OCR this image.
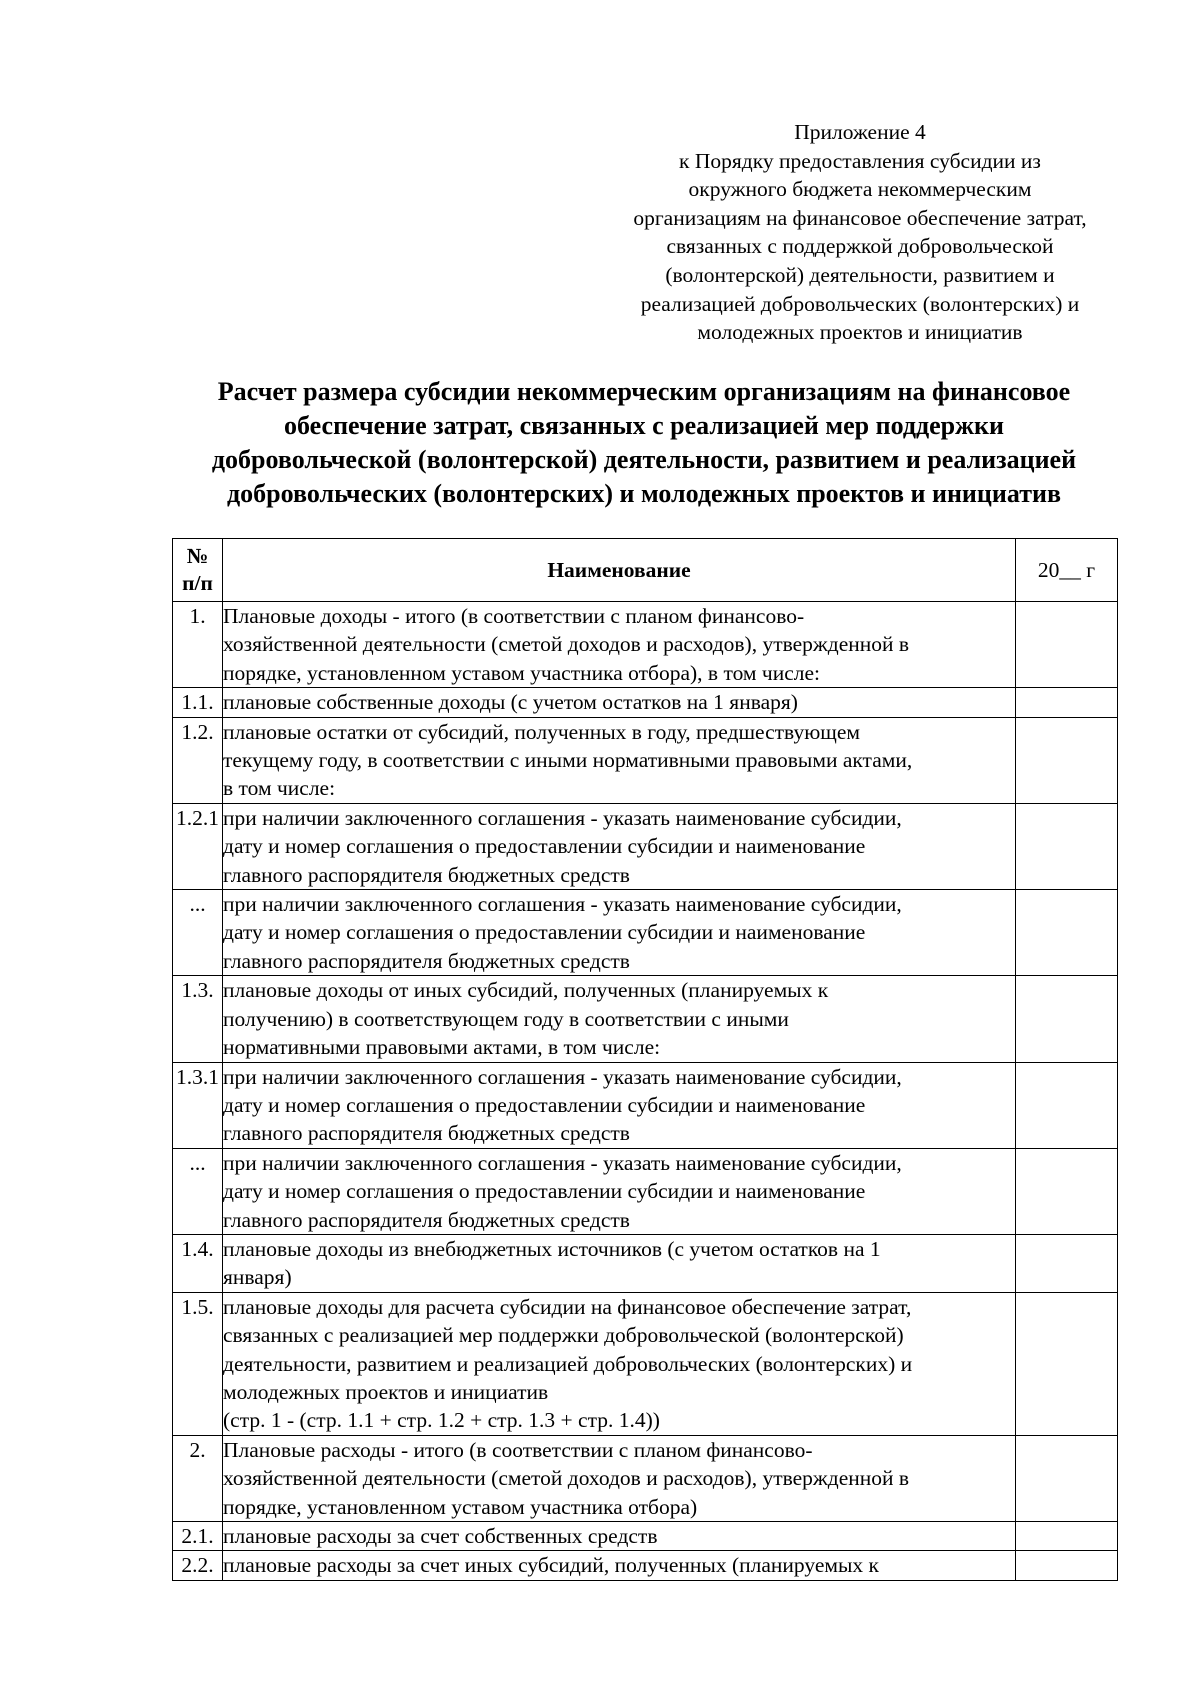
Приложение 4
к Порядку предоставления субсидии из
окружного бюджета некоммерческим
организациям на финансовое обеспечение затрат,
связанных с поддержкой добровольческой
(волонтерской) деятельности, развитием и
реализацией добровольческих (волонтерских) и
молодежных проектов и инициатив
Расчет размера субсидии некоммерческим организациям на финансовое
обеспечение затрат, связанных с реализацией мер поддержки
добровольческой (волонтерской) деятельности, развитием и реализацией
добровольческих (волонтерских) и молодежных проектов и инициатив
№
п/п	Наименование	20__ г
1.	Плановые доходы - итого (в соответствии с планом финансово-
хозяйственной деятельности (сметой доходов и расходов), утвержденной в
порядке, установленном уставом участника отбора), в том числе:	

1.1.	плановые собственные доходы (с учетом остатков на 1 января)	

1.2.	плановые остатки от субсидий, полученных в году, предшествующем
текущему году, в соответствии с иными нормативными правовыми актами,
в том числе:	

1.2.1	при наличии заключенного соглашения - указать наименование субсидии,
дату и номер соглашения о предоставлении субсидии и наименование
главного распорядителя бюджетных средств	

...	при наличии заключенного соглашения - указать наименование субсидии,
дату и номер соглашения о предоставлении субсидии и наименование
главного распорядителя бюджетных средств	

1.3.	плановые доходы от иных субсидий, полученных (планируемых к
получению) в соответствующем году в соответствии с иными
нормативными правовыми актами, в том числе:	

1.3.1	при наличии заключенного соглашения - указать наименование субсидии,
дату и номер соглашения о предоставлении субсидии и наименование
главного распорядителя бюджетных средств	

...	при наличии заключенного соглашения - указать наименование субсидии,
дату и номер соглашения о предоставлении субсидии и наименование
главного распорядителя бюджетных средств	

1.4.	плановые доходы из внебюджетных источников (с учетом остатков на 1
января)	

1.5.	плановые доходы для расчета субсидии на финансовое обеспечение затрат,
связанных с реализацией мер поддержки добровольческой (волонтерской)
деятельности, развитием и реализацией добровольческих (волонтерских) и
молодежных проектов и инициатив
(стр. 1 - (стр. 1.1 + стр. 1.2 + стр. 1.3 + стр. 1.4))	

2.	Плановые расходы - итого (в соответствии с планом финансово-
хозяйственной деятельности (сметой доходов и расходов), утвержденной в
порядке, установленном уставом участника отбора)	

2.1.	плановые расходы за счет собственных средств	

2.2.	плановые расходы за счет иных субсидий, полученных (планируемых к	
